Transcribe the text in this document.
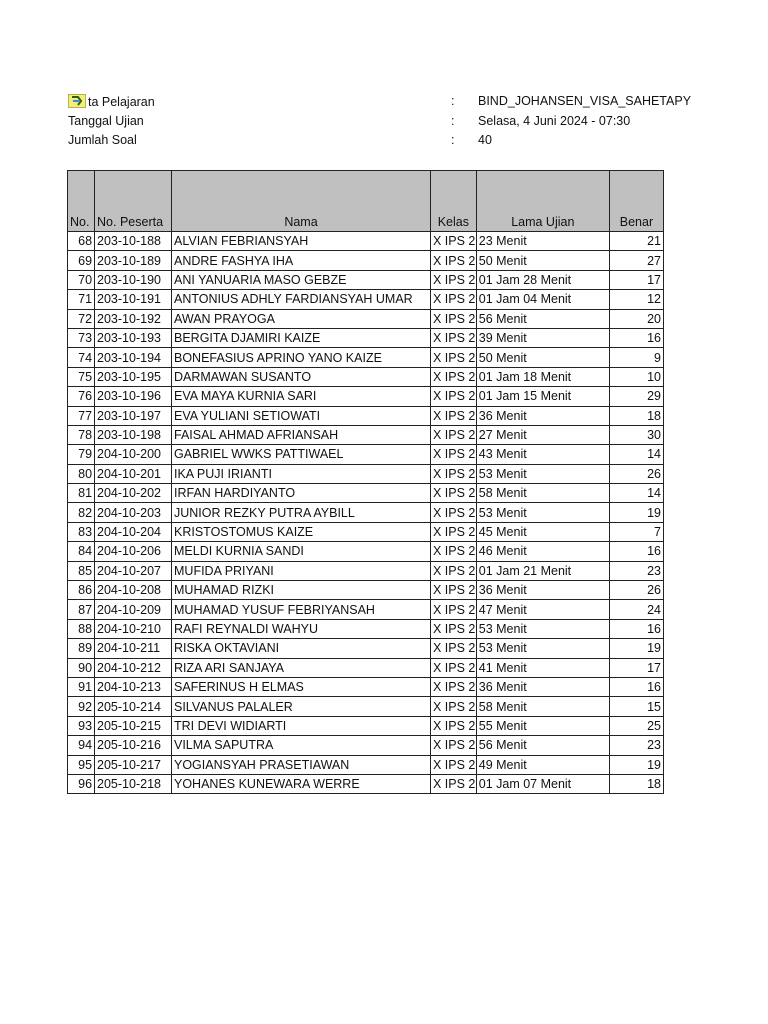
ta Pelajaran	: BIND_JOHANSEN_VISA_SAHETAPY
Tanggal Ujian	: Selasa, 4 Juni 2024 - 07:30
Jumlah Soal	: 40
No.	No. Peserta	Nama	Kelas	Lama Ujian	Benar
68	203-10-188	ALVIAN FEBRIANSYAH	X IPS 2	23 Menit	21
69	203-10-189	ANDRE FASHYA IHA	X IPS 2	50 Menit	27
70	203-10-190	ANI YANUARIA MASO GEBZE	X IPS 2	01 Jam 28 Menit	17
71	203-10-191	ANTONIUS ADHLY FARDIANSYAH UMAR	X IPS 2	01 Jam 04 Menit	12
72	203-10-192	AWAN PRAYOGA	X IPS 2	56 Menit	20
73	203-10-193	BERGITA DJAMIRI KAIZE	X IPS 2	39 Menit	16
74	203-10-194	BONEFASIUS APRINO YANO KAIZE	X IPS 2	50 Menit	9
75	203-10-195	DARMAWAN SUSANTO	X IPS 2	01 Jam 18 Menit	10
76	203-10-196	EVA MAYA KURNIA SARI	X IPS 2	01 Jam 15 Menit	29
77	203-10-197	EVA YULIANI SETIOWATI	X IPS 2	36 Menit	18
78	203-10-198	FAISAL AHMAD AFRIANSAH	X IPS 2	27 Menit	30
79	204-10-200	GABRIEL WWKS PATTIWAEL	X IPS 2	43 Menit	14
80	204-10-201	IKA PUJI IRIANTI	X IPS 2	53 Menit	26
81	204-10-202	IRFAN HARDIYANTO	X IPS 2	58 Menit	14
82	204-10-203	JUNIOR REZKY PUTRA AYBILL	X IPS 2	53 Menit	19
83	204-10-204	KRISTOSTOMUS KAIZE	X IPS 2	45 Menit	7
84	204-10-206	MELDI KURNIA SANDI	X IPS 2	46 Menit	16
85	204-10-207	MUFIDA PRIYANI	X IPS 2	01 Jam 21 Menit	23
86	204-10-208	MUHAMAD RIZKI	X IPS 2	36 Menit	26
87	204-10-209	MUHAMAD YUSUF FEBRIYANSAH	X IPS 2	47 Menit	24
88	204-10-210	RAFI REYNALDI WAHYU	X IPS 2	53 Menit	16
89	204-10-211	RISKA OKTAVIANI	X IPS 2	53 Menit	19
90	204-10-212	RIZA ARI SANJAYA	X IPS 2	41 Menit	17
91	204-10-213	SAFERINUS H ELMAS	X IPS 2	36 Menit	16
92	205-10-214	SILVANUS PALALER	X IPS 2	58 Menit	15
93	205-10-215	TRI DEVI WIDIARTI	X IPS 2	55 Menit	25
94	205-10-216	VILMA SAPUTRA	X IPS 2	56 Menit	23
95	205-10-217	YOGIANSYAH PRASETIAWAN	X IPS 2	49 Menit	19
96	205-10-218	YOHANES KUNEWARA WERRE	X IPS 2	01 Jam 07 Menit	18
